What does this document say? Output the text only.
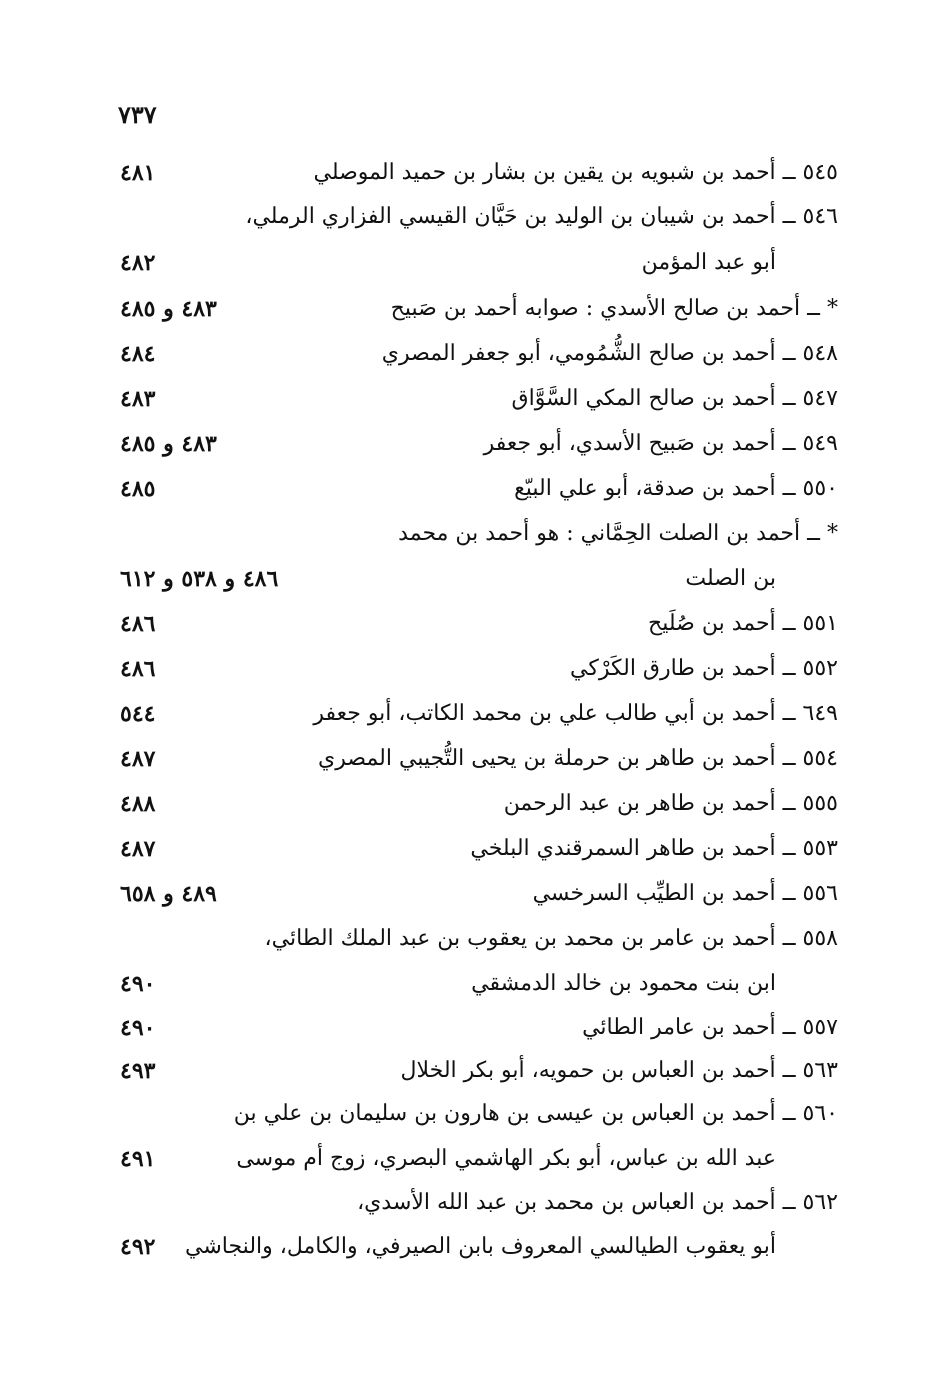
٧٣٧
٥٤٥ ــ أحمد بن شبويه بن يقين بن بشار بن حميد الموصلي
٤٨١
٥٤٦ ــ أحمد بن شيبان بن الوليد بن حَيَّان القيسي الفزاري الرملي،
أبو عبد المؤمن
٤٨٢
* ــ أحمد بن صالح الأسدي : صوابه أحمد بن صَبيح
٤٨٣ و ٤٨٥
٥٤٨ ــ أحمد بن صالح الشُّمُومي، أبو جعفر المصري
٤٨٤
٥٤٧ ــ أحمد بن صالح المكي السَّوَّاق
٤٨٣
٥٤٩ ــ أحمد بن صَبيح الأسدي، أبو جعفر
٤٨٣ و ٤٨٥
٥٥٠ ــ أحمد بن صدقة، أبو علي البيّع
٤٨٥
* ــ أحمد بن الصلت الحِمَّاني : هو أحمد بن محمد
بن الصلت
٤٨٦ و ٥٣٨ و ٦١٢
٥٥١ ــ أحمد بن صُلَيح
٤٨٦
٥٥٢ ــ أحمد بن طارق الكَرْكي
٤٨٦
٦٤٩ ــ أحمد بن أبي طالب علي بن محمد الكاتب، أبو جعفر
٥٤٤
٥٥٤ ــ أحمد بن طاهر بن حرملة بن يحيى التُّجيبي المصري
٤٨٧
٥٥٥ ــ أحمد بن طاهر بن عبد الرحمن
٤٨٨
٥٥٣ ــ أحمد بن طاهر السمرقندي البلخي
٤٨٧
٥٥٦ ــ أحمد بن الطيِّب السرخسي
٤٨٩ و ٦٥٨
٥٥٨ ــ أحمد بن عامر بن محمد بن يعقوب بن عبد الملك الطائي،
ابن بنت محمود بن خالد الدمشقي
٤٩٠
٥٥٧ ــ أحمد بن عامر الطائي
٤٩٠
٥٦٣ ــ أحمد بن العباس بن حمويه، أبو بكر الخلال
٤٩٣
٥٦٠ ــ أحمد بن العباس بن عيسى بن هارون بن سليمان بن علي بن
عبد الله بن عباس، أبو بكر الهاشمي البصري، زوج أم موسى
٤٩١
٥٦٢ ــ أحمد بن العباس بن محمد بن عبد الله الأسدي،
أبو يعقوب الطيالسي المعروف بابن الصيرفي، والكامل، والنجاشي
٤٩٢
